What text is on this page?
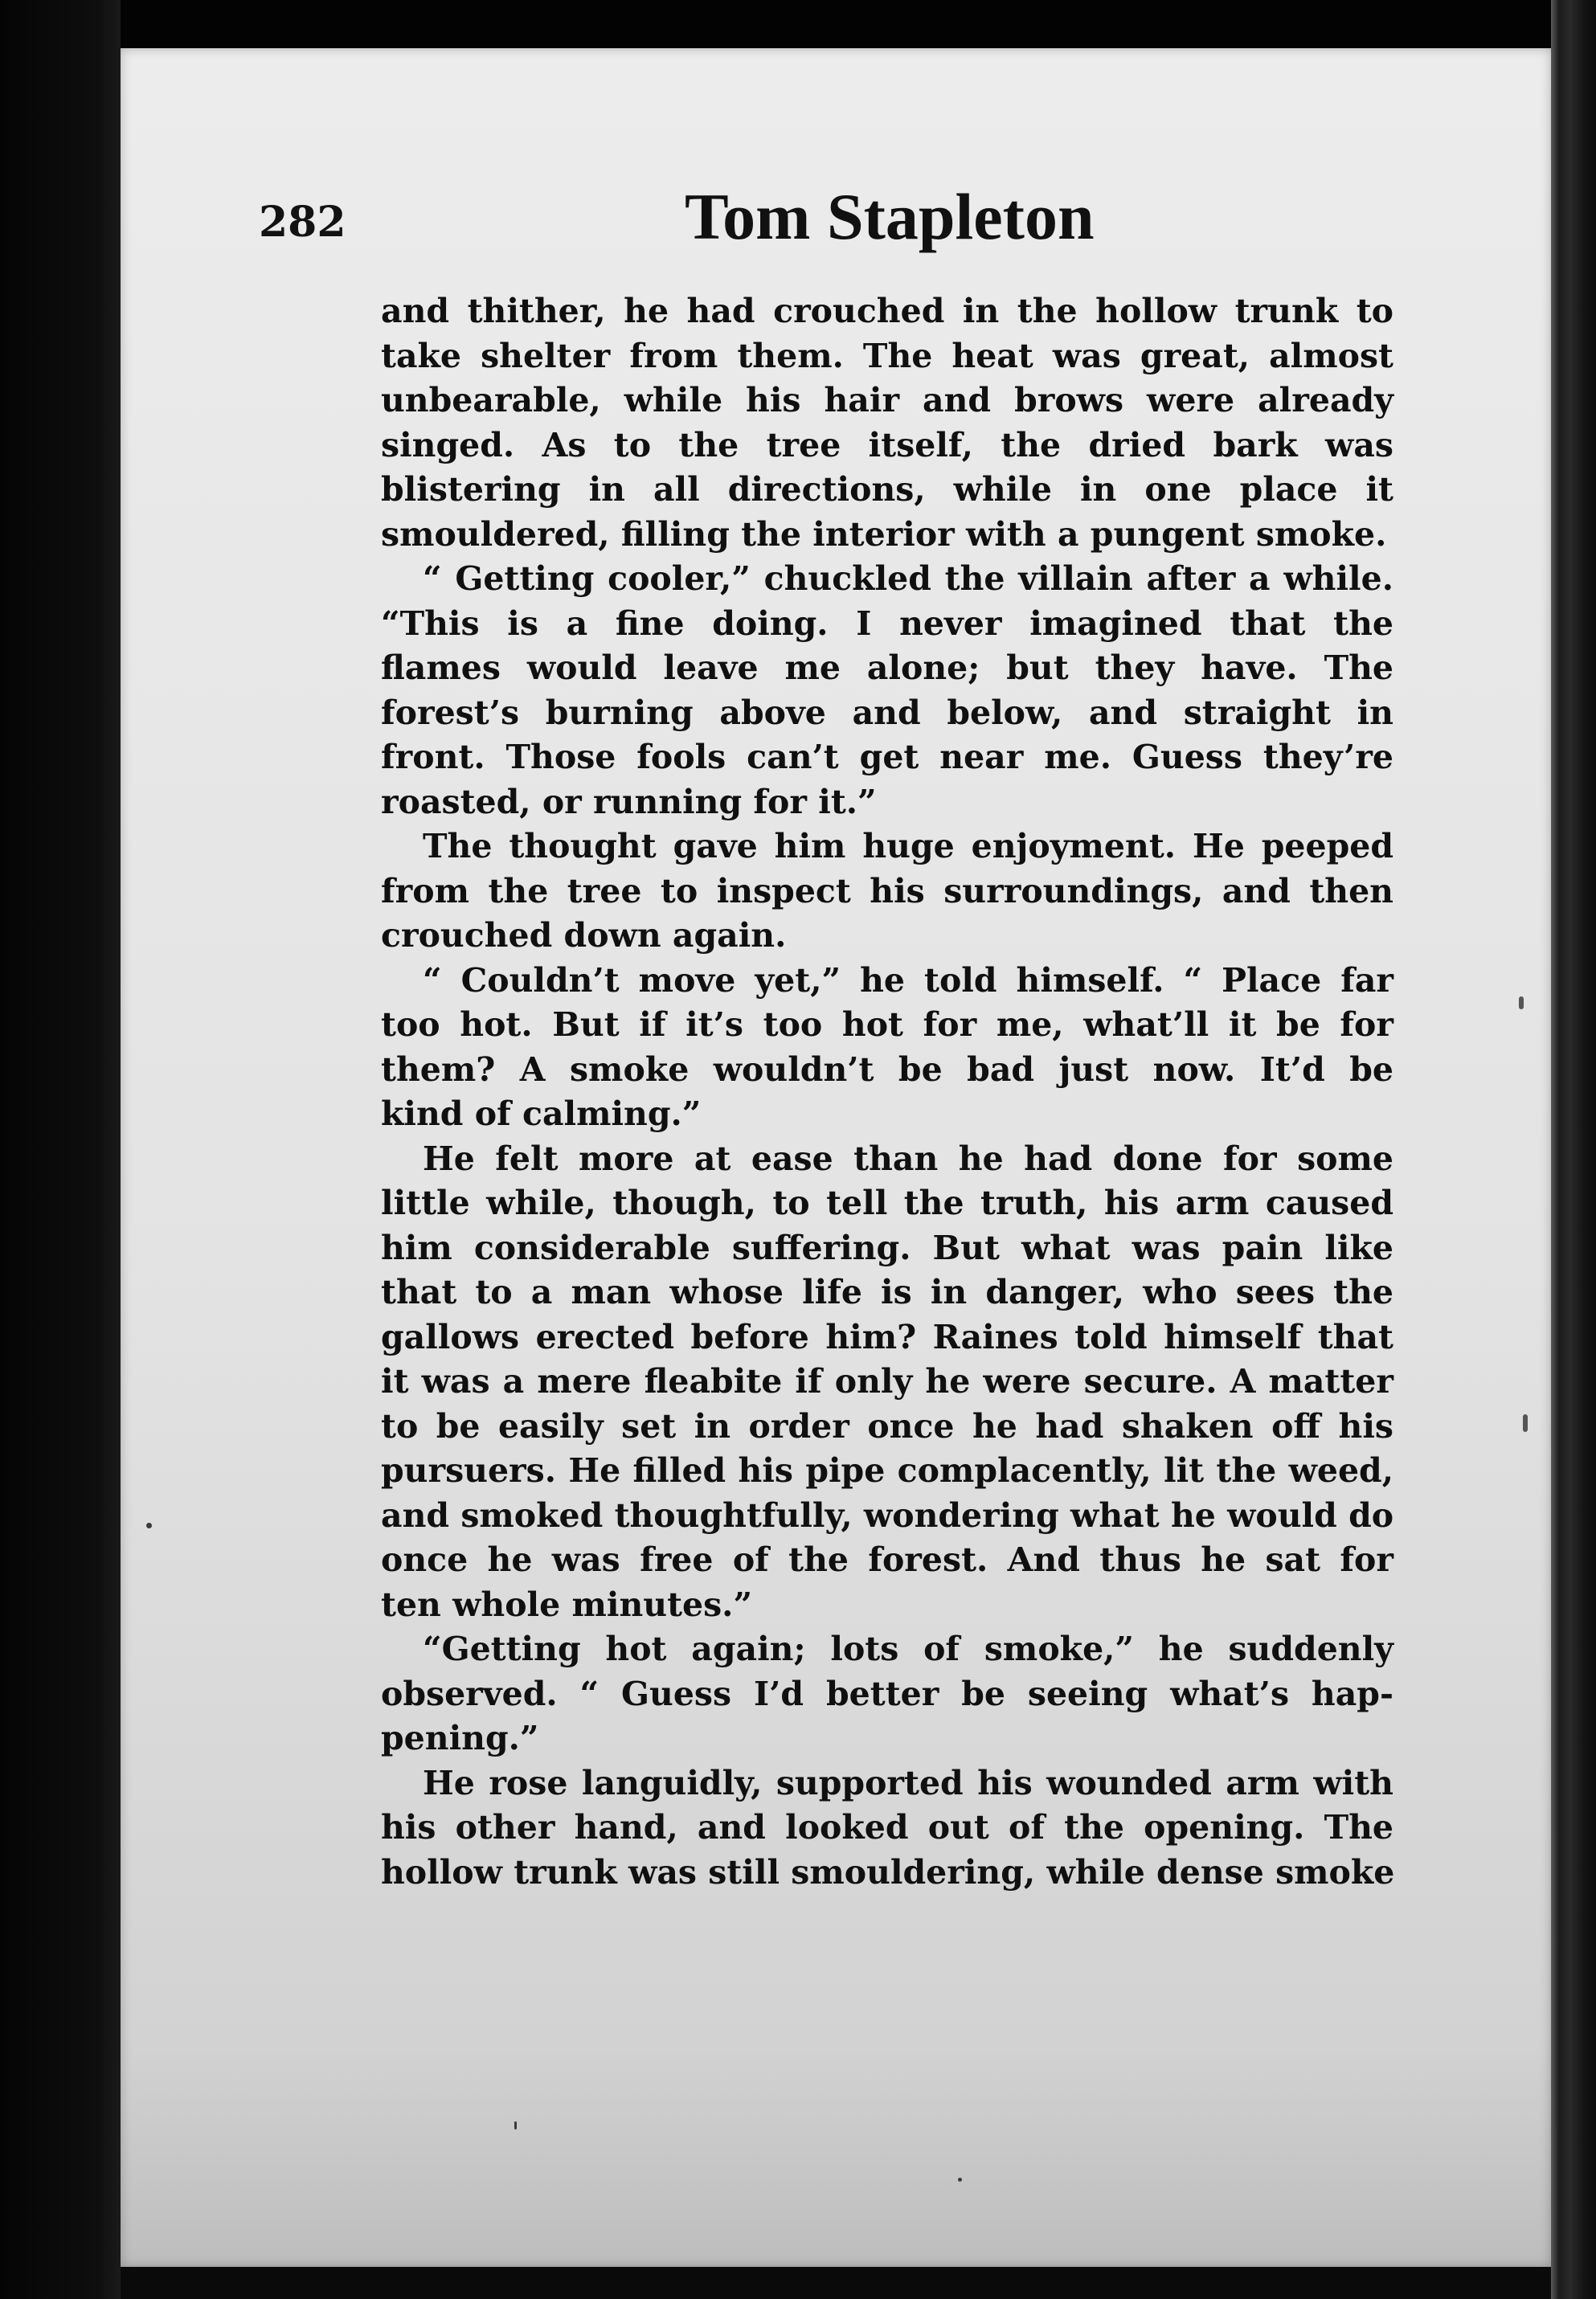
282	Tom Stapleton
and thither, he had crouched in the hollow trunk to
take shelter from them. The heat was great, almost
unbearable, while his hair and brows were already
singed. As to the tree itself, the dried bark was
blistering in all directions, while in one place it
smouldered, filling the interior with a pungent smoke.
“ Getting cooler,” chuckled the villain after a while.
“This is a fine doing. I never imagined that the
flames would leave me alone; but they have. The
forest’s burning above and below, and straight in
front. Those fools can’t get near me. Guess they’re
roasted, or running for it.”
The thought gave him huge enjoyment. He peeped
from the tree to inspect his surroundings, and then
crouched down again.
“ Couldn’t move yet,” he told himself. “ Place far
too hot. But if it’s too hot for me, what’ll it be for
them? A smoke wouldn’t be bad just now. It’d be
kind of calming.”
He felt more at ease than he had done for some
little while, though, to tell the truth, his arm caused
him considerable suffering. But what was pain like
that to a man whose life is in danger, who sees the
gallows erected before him? Raines told himself that
it was a mere fleabite if only he were secure. A matter
to be easily set in order once he had shaken off his
pursuers. He filled his pipe complacently, lit the weed,
and smoked thoughtfully, wondering what he would do
once he was free of the forest. And thus he sat for
ten whole minutes.”
“Getting hot again; lots of smoke,” he suddenly
observed. “ Guess I’d better be seeing what’s hap-
pening.”
He rose languidly, supported his wounded arm with
his other hand, and looked out of the opening. The
hollow trunk was still smouldering, while dense smoke
